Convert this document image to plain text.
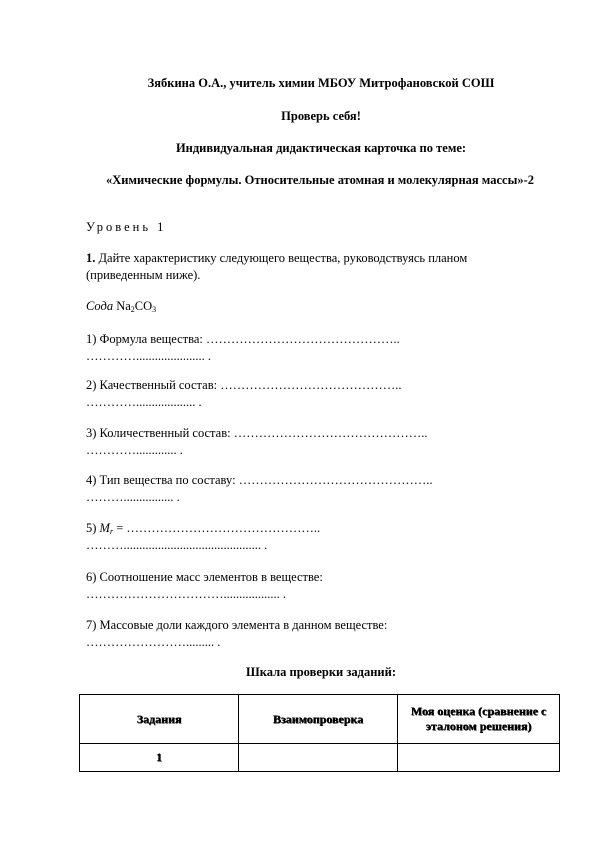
Зябкина О.А., учитель химии МБОУ Митрофановской СОШ
Проверь себя!
Индивидуальная дидактическая карточка по теме:
«Химические формулы. Относительные атомная и молекулярная массы»-2
Уровень 1
1. Дайте характеристику следующего вещества, руководствуясь планом (приведенным ниже).
Сода $Na_2CO_3$
1) Формула вещества: ………………………………………..
…………...................... .
2) Качественный состав: ……………………………………..
…………................... .
3) Количественный состав: ………………………………………..
…………............. .
4) Тип вещества по составу: ………………………………………..
………................ .
5) $M_r$ = ………………………………………..
………............................................ .
6) Соотношение масс элементов в веществе:
…………………………….................. .
7) Массовые доли каждого элемента в данном веществе:
……………………......... .
Шкала проверки заданий:
Задания	Взаимопроверка	Моя оценка (сравнение с эталоном решения)
1		
